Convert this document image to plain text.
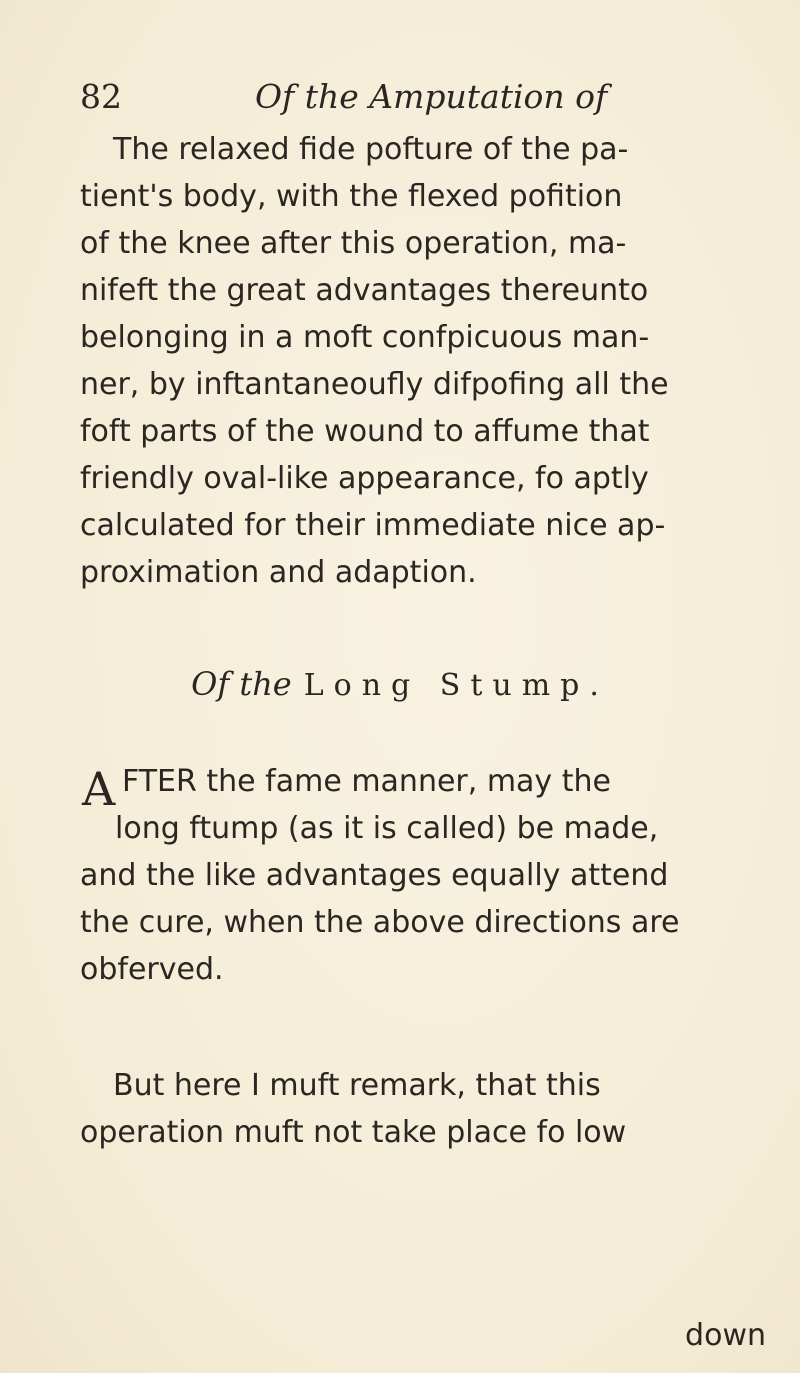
82	Of the Amputation of

The relaxed fide pofture of the pa-
tient's body, with the flexed pofition
of the knee after this operation, ma-
nifeft the great advantages thereunto
belonging in a moft confpicuous man-
ner, by inftantaneoufly difpofing all the
foft parts of the wound to affume that
friendly oval-like appearance, fo aptly
calculated for their immediate nice ap-
proximation and adaption.

Of the Long Stump.
A FTER the fame manner, may the
long ftump (as it is called) be made,
and the like advantages equally attend
the cure, when the above directions are
obferved.

But here I muft remark, that this
operation muft not take place fo low

down
